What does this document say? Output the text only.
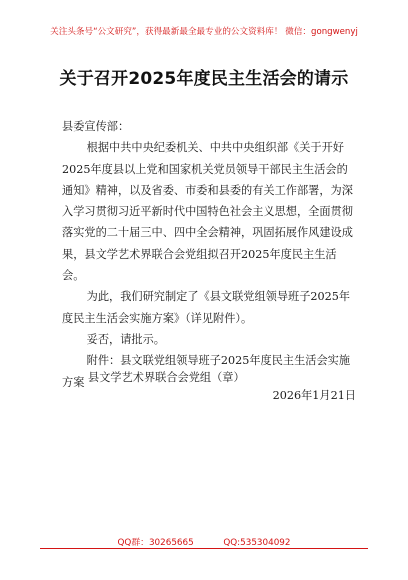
关注头条号“公文研究”，获得最新最全最专业的公文资料库！ 微信：gongwenyj
关于召开2025年度民主生活会的请示

县委宣传部：

根据中共中央纪委机关、中共中央组织部《关于开好2025年度县以上党和国家机关党员领导干部民主生活会的通知》精神，以及省委、市委和县委的有关工作部署，为深入学习贯彻习近平新时代中国特色社会主义思想，全面贯彻落实党的二十届三中、四中全会精神，巩固拓展作风建设成果，县文学艺术界联合会党组拟召开2025年度民主生活会。

为此，我们研究制定了《县文联党组领导班子2025年度民主生活会实施方案》（详见附件）。

妥否，请批示。

附件：县文联党组领导班子2025年度民主生活会实施方案 县文学艺术界联合会党组（章）
2026年1月21日
QQ群：30265665	QQ:535304092
